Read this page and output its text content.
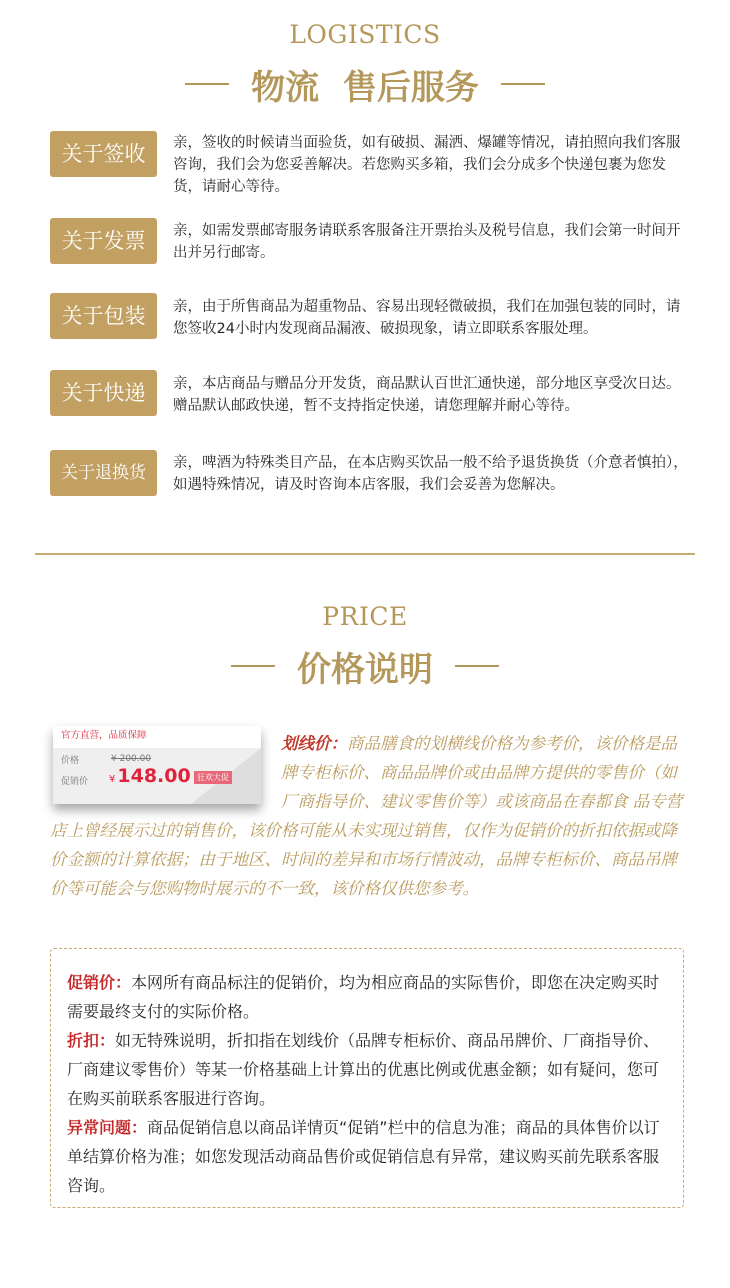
LOGISTICS
物流  售后服务
关于签收	亲，签收的时候请当面验货，如有破损、漏洒、爆罐等情况，请拍照向我们客服咨询，我们会为您妥善解决。若您购买多箱，我们会分成多个快递包裹为您发货，请耐心等待。
关于发票	亲，如需发票邮寄服务请联系客服备注开票抬头及税号信息，我们会第一时间开出并另行邮寄。
关于包装	亲，由于所售商品为超重物品、容易出现轻微破损，我们在加强包装的同时，请您签收24小时内发现商品漏液、破损现象，请立即联系客服处理。
关于快递	亲，本店商品与赠品分开发货，商品默认百世汇通快递，部分地区享受次日达。赠品默认邮政快递，暂不支持指定快递，请您理解并耐心等待。
关于退换货	亲，啤酒为特殊类目产品，在本店购买饮品一般不给予退货换货（介意者慎拍），如遇特殊情况，请及时咨询本店客服，我们会妥善为您解决。
PRICE
价格说明
官方直营，品质保障
价格	¥ 200.00
促销价 ¥ 148.00 狂欢大促
划线价：商品膳食的划横线价格为参考价，该价格是品牌专柜标价、商品品牌价或由品牌方提供的零售价（如厂商指导价、建议零售价等）或该商品在春都食 品专营
店上曾经展示过的销售价，该价格可能从未实现过销售，仅作为促销价的折扣依据或降价金额的计算依据；由于地区、时间的差异和市场行情波动，品牌专柜标价、商品吊牌价等可能会与您购物时展示的不一致，该价格仅供您参考。
促销价：本网所有商品标注的促销价，均为相应商品的实际售价，即您在决定购买时需要最终支付的实际价格。
折扣：如无特殊说明，折扣指在划线价（品牌专柜标价、商品吊牌价、厂商指导价、厂商建议零售价）等某一价格基础上计算出的优惠比例或优惠金额；如有疑问，您可在购买前联系客服进行咨询。
异常问题：商品促销信息以商品详情页“促销”栏中的信息为准；商品的具体售价以订单结算价格为准；如您发现活动商品售价或促销信息有异常，建议购买前先联系客服咨询。
